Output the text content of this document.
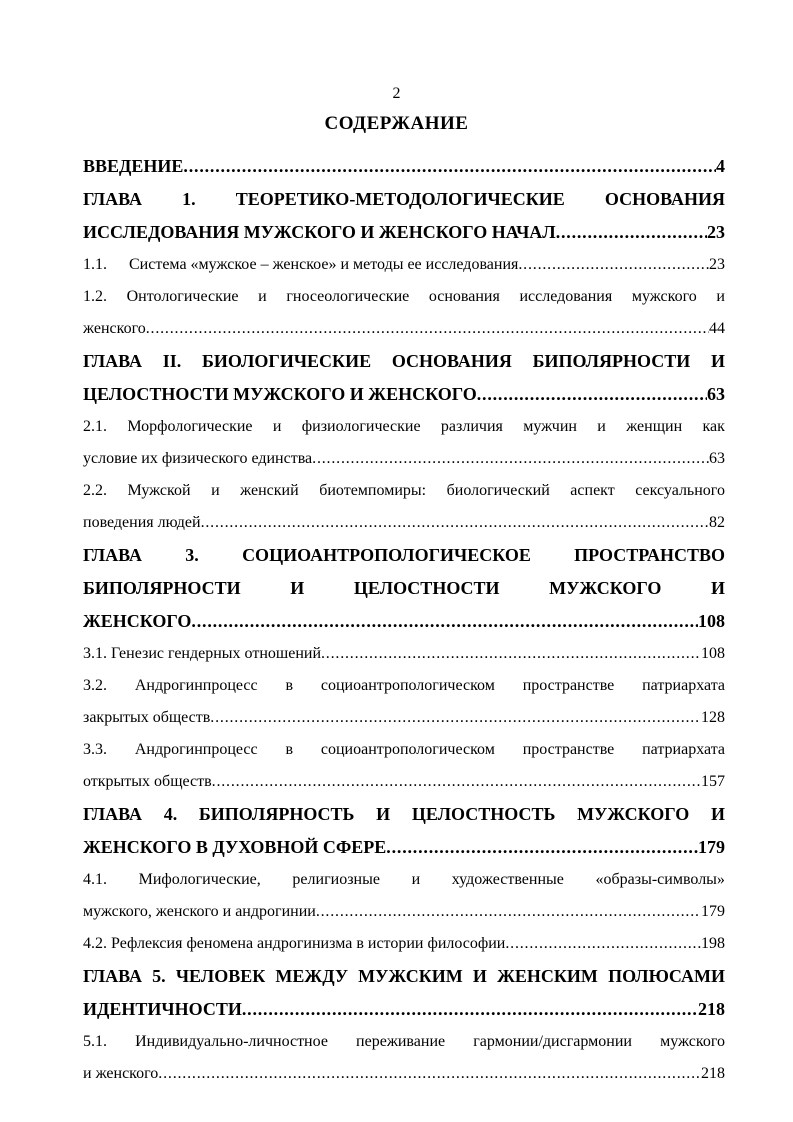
2
СОДЕРЖАНИЕ
ВВЕДЕНИЕ .....	4
ГЛАВА 1. ТЕОРЕТИКО-МЕТОДОЛОГИЧЕСКИЕ ОСНОВАНИЯ
ИССЛЕДОВАНИЯ МУЖСКОГО И ЖЕНСКОГО НАЧАЛ .....	23
1.1.	Система «мужское – женское» и методы ее исследования .....	23
1.2. Онтологические и гносеологические основания исследования мужского и
женского .....	44
ГЛАВА II. БИОЛОГИЧЕСКИЕ ОСНОВАНИЯ БИПОЛЯРНОСТИ И
ЦЕЛОСТНОСТИ МУЖСКОГО И ЖЕНСКОГО .....	63
2.1. Морфологические и физиологические различия мужчин и женщин как
условие их физического единства .....	63
2.2. Мужской и женский биотемпомиры: биологический аспект сексуального
поведения людей .....	82
ГЛАВА 3. СОЦИОАНТРОПОЛОГИЧЕСКОЕ ПРОСТРАНСТВО
БИПОЛЯРНОСТИ	И	ЦЕЛОСТНОСТИ	МУЖСКОГО	И
ЖЕНСКОГО .....	108
3.1. Генезис гендерных отношений .....	108
3.2. Андрогинпроцесс в социоантропологическом пространстве патриархата
закрытых обществ .....	128
3.3. Андрогинпроцесс в социоантропологическом пространстве патриархата
открытых обществ .....	157
ГЛАВА 4. БИПОЛЯРНОСТЬ И ЦЕЛОСТНОСТЬ МУЖСКОГО И
ЖЕНСКОГО В ДУХОВНОЙ СФЕРЕ .....	179
4.1. Мифологические, религиозные и художественные «образы-символы»
мужского, женского и андрогинии .....	179
4.2. Рефлексия феномена андрогинизма в истории философии .....	198
ГЛАВА 5. ЧЕЛОВЕК МЕЖДУ МУЖСКИМ И ЖЕНСКИМ ПОЛЮСАМИ
ИДЕНТИЧНОСТИ .....	218
5.1. Индивидуально-личностное переживание гармонии/дисгармонии мужского
и женского .....	218
